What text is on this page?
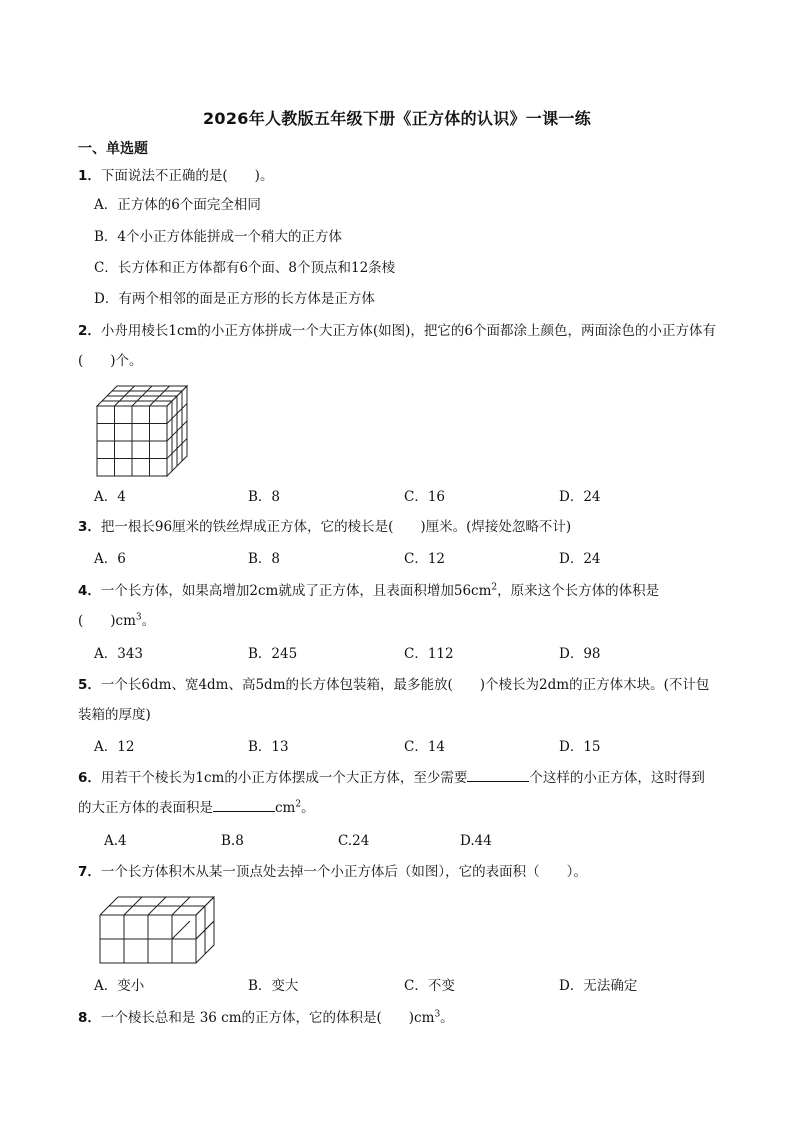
2026年人教版五年级下册《正方体的认识》一课一练
一、单选题
1．下面说法不正确的是(　　)。
A．正方体的6个面完全相同
B．4个小正方体能拼成一个稍大的正方体
C．长方体和正方体都有6个面、8个顶点和12条棱
D．有两个相邻的面是正方形的长方体是正方体
2．小舟用棱长1cm的小正方体拼成一个大正方体(如图)，把它的6个面都涂上颜色，两面涂色的小正方体有(　　)个。
A．4	B．8	C．16	D．24
3．把一根长96厘米的铁丝焊成正方体，它的棱长是(　　)厘米。(焊接处忽略不计)
A．6	B．8	C．12	D．24
4．一个长方体，如果高增加2cm就成了正方体，且表面积增加$56cm^2$，原来这个长方体的体积是(　　)$cm^3$。
A．343	B．245	C．112	D．98
5．一个长6dm、宽4dm、高5dm的长方体包装箱，最多能放(　　)个棱长为2dm的正方体木块。(不计包装箱的厚度)
A．12	B．13	C．14	D．15
6．用若干个棱长为1cm的小正方体摆成一个大正方体，至少需要	个这样的小正方体，这时得到的大正方体的表面积是	$cm^2$。
A.4	B.8	C.24	D.44
7．一个长方体积木从某一顶点处去掉一个小正方体后（如图），它的表面积（　　）。
A．变小	B．变大	C．不变	D．无法确定
8．一个棱长总和是 36 cm的正方体，它的体积是(　　)$cm^3$。
